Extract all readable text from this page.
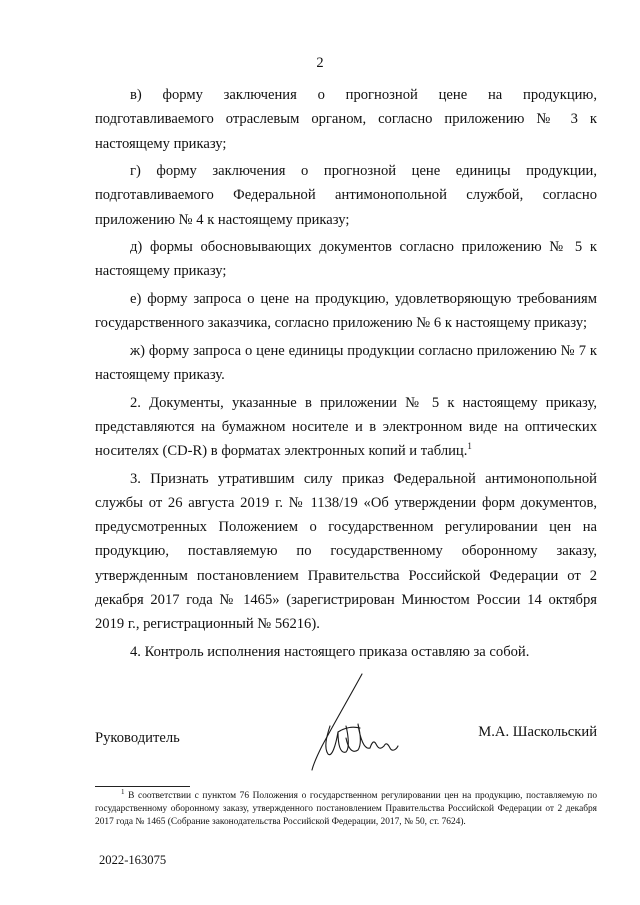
2

в) форму заключения о прогнозной цене на продукцию, подготавливаемого отраслевым органом, согласно приложению № 3 к настоящему приказу;

г) форму заключения о прогнозной цене единицы продукции, подготавливаемого Федеральной антимонопольной службой, согласно приложению № 4 к настоящему приказу;

д) формы обосновывающих документов согласно приложению № 5 к настоящему приказу;

е) форму запроса о цене на продукцию, удовлетворяющую требованиям государственного заказчика, согласно приложению № 6 к настоящему приказу;

ж) форму запроса о цене единицы продукции согласно приложению № 7 к настоящему приказу.

2. Документы, указанные в приложении № 5 к настоящему приказу, представляются на бумажном носителе и в электронном виде на оптических носителях (CD-R) в форматах электронных копий и таблиц.$^1$

3. Признать утратившим силу приказ Федеральной антимонопольной службы от 26 августа 2019 г. № 1138/19 «Об утверждении форм документов, предусмотренных Положением о государственном регулировании цен на продукцию, поставляемую по государственному оборонному заказу, утвержденным постановлением Правительства Российской Федерации от 2 декабря 2017 года № 1465» (зарегистрирован Минюстом России 14 октября 2019 г., регистрационный № 56216).

4. Контроль исполнения настоящего приказа оставляю за собой.

Руководитель	М.А. Шаскольский

$^1$ В соответствии с пунктом 76 Положения о государственном регулировании цен на продукцию, поставляемую по государственному оборонному заказу, утвержденного постановлением Правительства Российской Федерации от 2 декабря 2017 года № 1465 (Собрание законодательства Российской Федерации, 2017, № 50, ст. 7624).

2022-163075
